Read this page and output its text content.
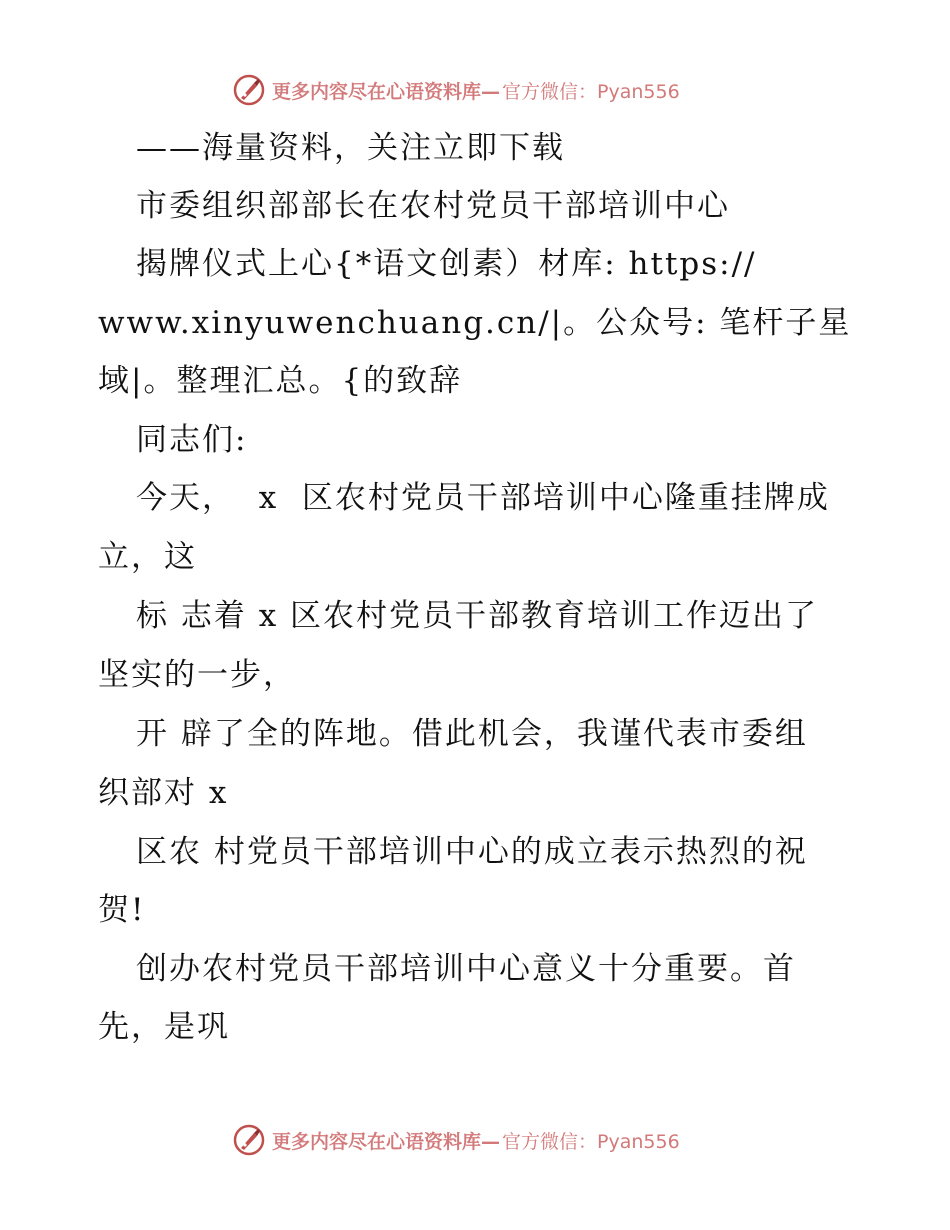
更多内容尽在心语资料库— 官方微信：Pyan556
——海量资料，关注立即下载
市委组织部部长在农村党员干部培训中心
揭牌仪式上心{*语文创素）材库: https://
www.xinyuwenchuang.cn/|。公众号: 笔杆子星
域|。整理汇总。{的致辞
同志们:
今天，  x  区农村党员干部培训中心隆重挂牌成
立，这
标 志着 x 区农村党员干部教育培训工作迈出了
坚实的一步，
开 辟了全的阵地。借此机会，我谨代表市委组
织部对 x
区农 村党员干部培训中心的成立表示热烈的祝
贺!
创办农村党员干部培训中心意义十分重要。首
先，是巩
更多内容尽在心语资料库— 官方微信：Pyan556
